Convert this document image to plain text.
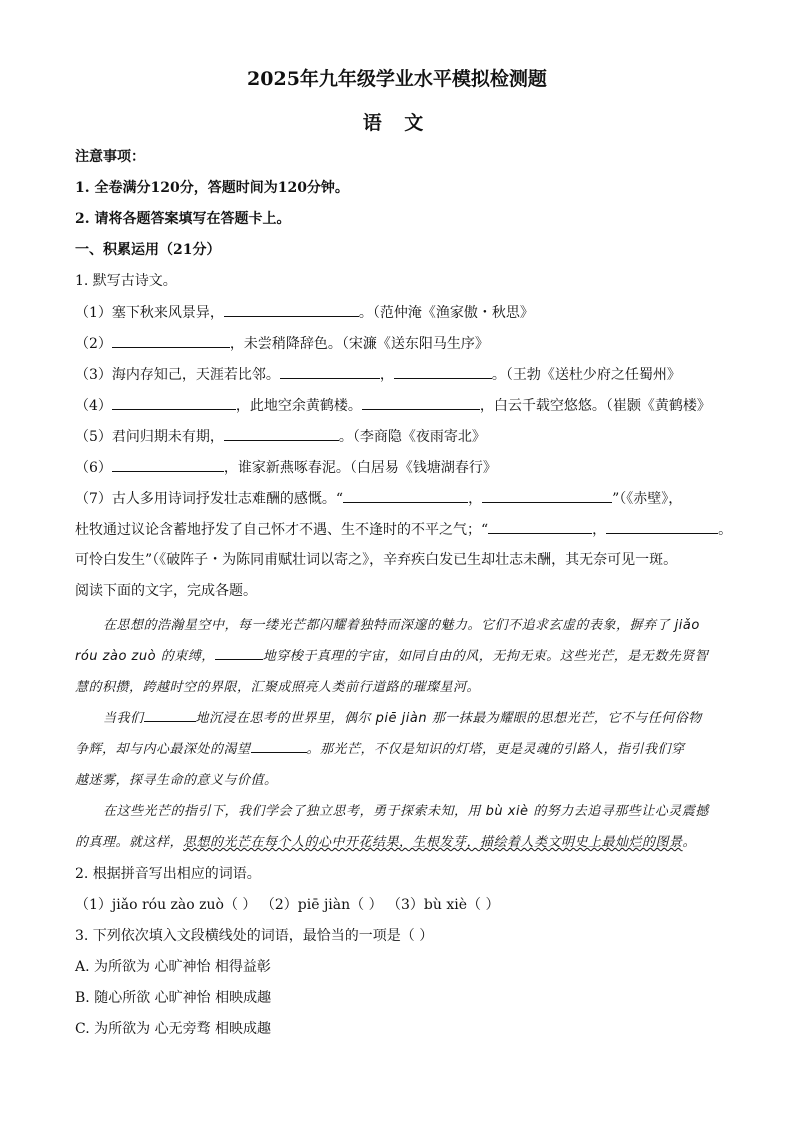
2025年九年级学业水平模拟检测题
语 文
注意事项：
1. 全卷满分120分，答题时间为120分钟。
2. 请将各题答案填写在答题卡上。
一、积累运用（21分）
1. 默写古诗文。
（1）塞下秋来风景异，	。（范仲淹《渔家傲・秋思》
（2）	，未尝稍降辞色。（宋濂《送东阳马生序》
（3）海内存知己，天涯若比邻。	，	。（王勃《送杜少府之任蜀州》
（4）	，此地空余黄鹤楼。	，白云千载空悠悠。（崔颢《黄鹤楼》
（5）君问归期未有期，	。（李商隐《夜雨寄北》
（6）	，谁家新燕啄春泥。（白居易《钱塘湖春行》
（7）古人多用诗词抒发壮志难酬的感慨。“	，	”（《赤壁》，
杜牧通过议论含蓄地抒发了自己怀才不遇、生不逢时的不平之气；“	，	。
可怜白发生”（《破阵子・为陈同甫赋壮词以寄之》，辛弃疾白发已生却壮志未酬，其无奈可见一斑。
阅读下面的文字，完成各题。
在思想的浩瀚星空中，每一缕光芒都闪耀着独特而深邃的魅力。它们不追求玄虚的表象，摒弃了 jiǎo
róu zào zuò 的束缚，	地穿梭于真理的宇宙，如同自由的风，无拘无束。这些光芒，是无数先贤智
慧的积攒，跨越时空的界限，汇聚成照亮人类前行道路的璀璨星河。
当我们	地沉浸在思考的世界里，偶尔 piē jiàn 那一抹最为耀眼的思想光芒，它不与任何俗物
争辉，却与内心最深处的渴望	。那光芒，不仅是知识的灯塔，更是灵魂的引路人，指引我们穿
越迷雾，探寻生命的意义与价值。
在这些光芒的指引下，我们学会了独立思考，勇于探索未知，用 bù xiè 的努力去追寻那些让心灵震撼
的真理。就这样，思想的光芒在每个人的心中开花结果，生根发芽，描绘着人类文明史上最灿烂的图景。
2. 根据拼音写出相应的词语。
（1）jiǎo róu zào zuò（ ） （2）piē jiàn（ ） （3）bù xiè（ ）
3. 下列依次填入文段横线处的词语，最恰当的一项是（ ）
A. 为所欲为 心旷神怡 相得益彰
B. 随心所欲 心旷神怡 相映成趣
C. 为所欲为 心无旁骛 相映成趣
